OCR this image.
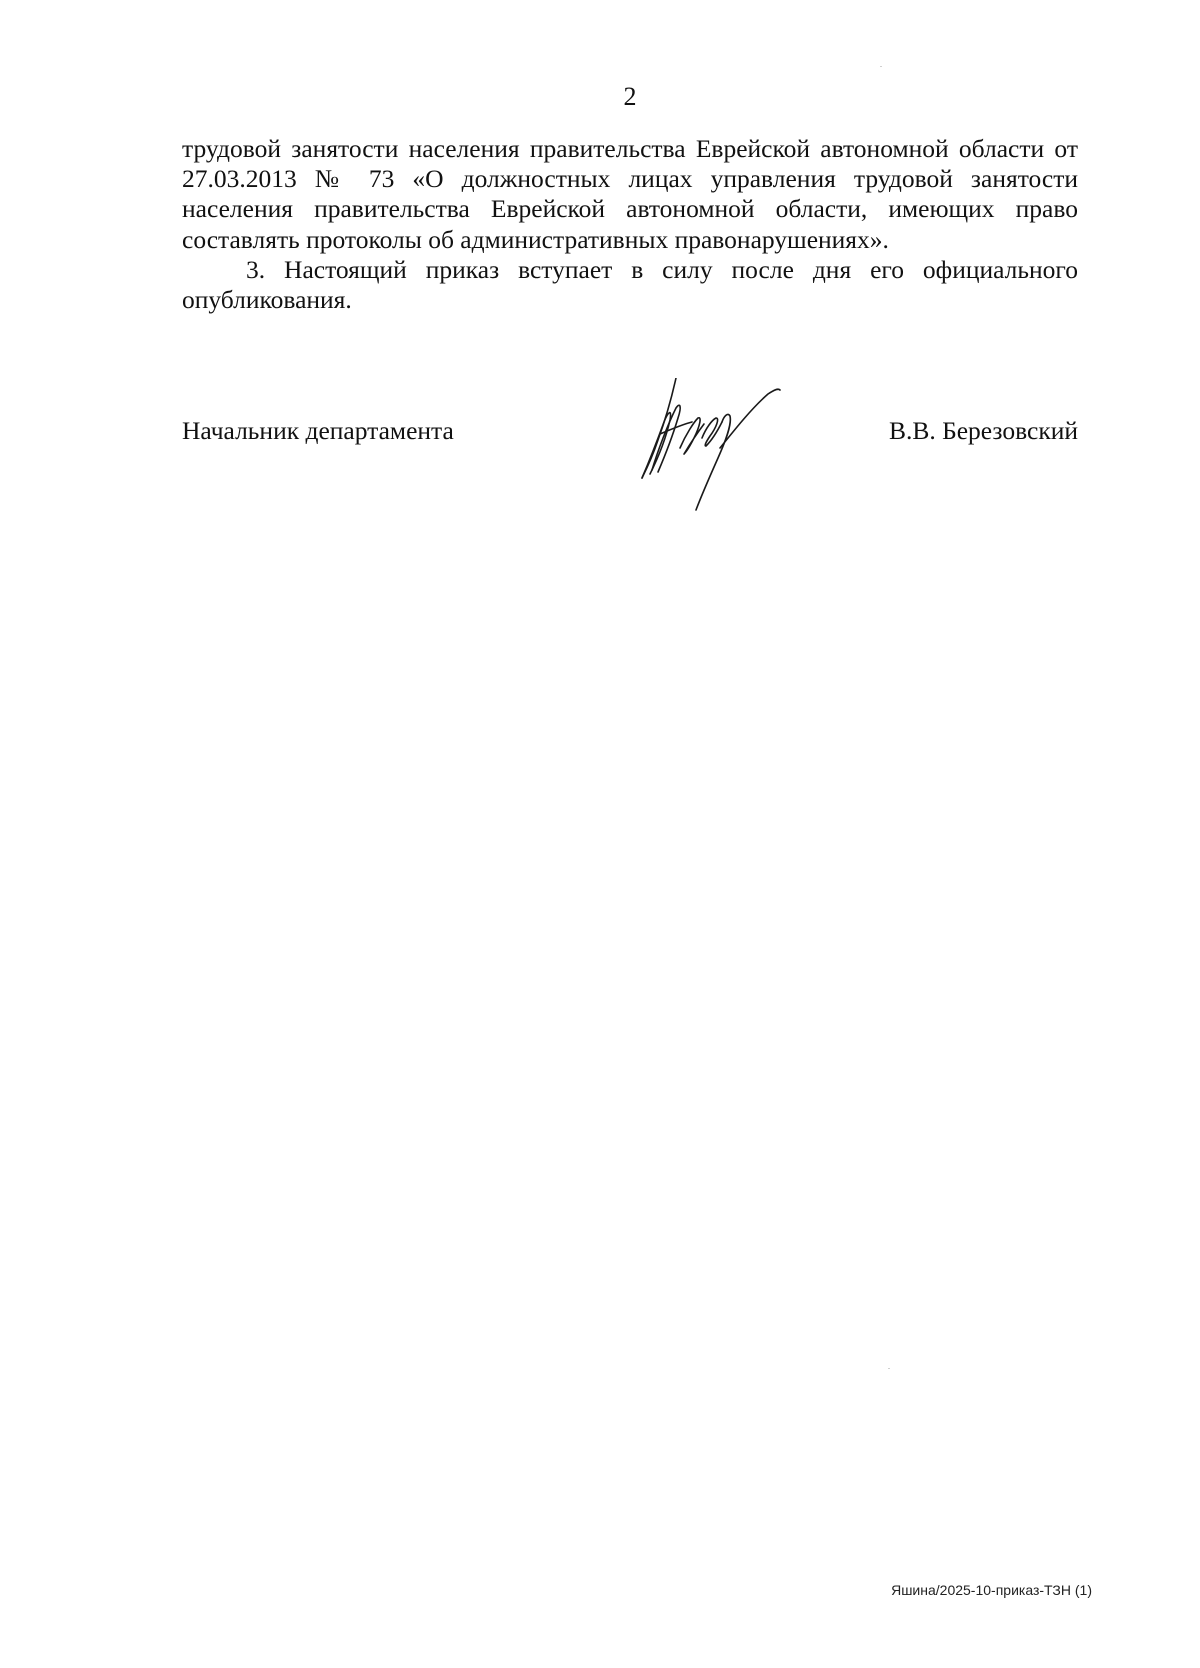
2

трудовой занятости населения правительства Еврейской автономной области от 27.03.2013 № 73 «О должностных лицах управления трудовой занятости населения правительства Еврейской автономной области, имеющих право составлять протоколы об административных правонарушениях».

3. Настоящий приказ вступает в силу после дня его официального опубликования.

Начальник департамента	В.В. Березовский
Яшина/2025-10-приказ-ТЗН (1)
